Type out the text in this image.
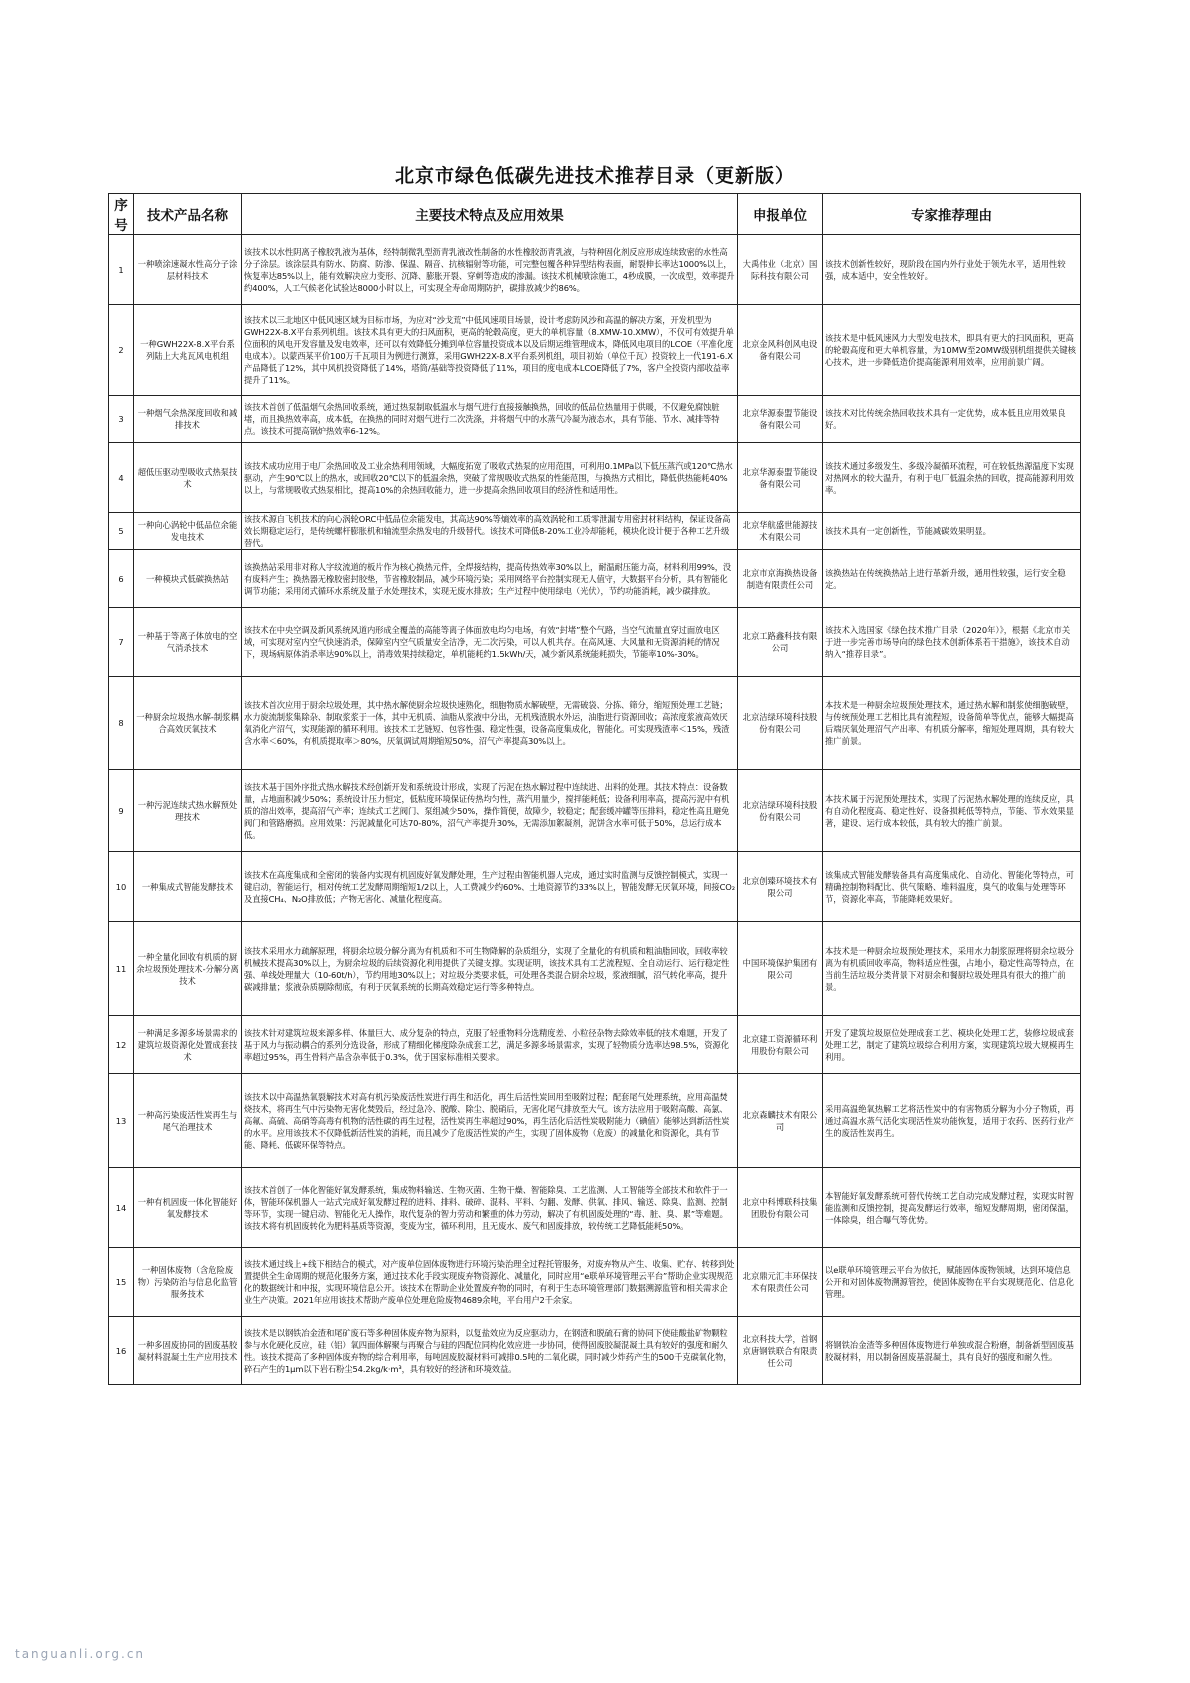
北京市绿色低碳先进技术推荐目录（更新版）
序号	技术产品名称	主要技术特点及应用效果	申报单位	专家推荐理由
1	一种喷涂速凝水性高分子涂层材料技术	该技术以水性阴离子橡胶乳液为基体，经特制微乳型沥青乳液改性制备的水性橡胶沥青乳液，与特种固化剂反应形成连续致密的水性高分子涂层。该涂层具有防水、防腐、防渗、保温、隔音、抗核辐射等功能，可完整包覆各种异型结构表面，耐裂伸长率达1000%以上，恢复率达85%以上，能有效解决应力变形、沉降、膨胀开裂、穿刺等造成的渗漏。该技术机械喷涂施工，4秒成膜，一次成型，效率提升约400%，人工气候老化试验达8000小时以上，可实现全寿命周期防护，碳排放减少约86%。	大禹伟业（北京）国际科技有限公司	该技术创新性较好，现阶段在国内外行业处于领先水平，适用性较强，成本适中，安全性较好。
2	一种GWH22X-8.X平台系列陆上大兆瓦风电机组	该技术以三北地区中低风速区域为目标市场，为应对“沙戈荒”中低风速项目场景，设计考虑防风沙和高温的解决方案，开发机型为GWH22X-8.X平台系列机组。该技术具有更大的扫风面积，更高的轮毂高度，更大的单机容量（8.XMW-10.XMW），不仅可有效提升单位面积的风电开发容量及发电效率，还可以有效降低分摊到单位容量投资成本以及后期运维管理成本，降低风电项目的LCOE（平准化度电成本）。以蒙西某平价100万千瓦项目为例进行测算，采用GWH22X-8.X平台系列机组，项目初始（单位千瓦）投资较上一代191-6.X产品降低了12%，其中风机投资降低了14%，塔筒/基础等投资降低了11%，项目的度电成本LCOE降低了7%，客户全投资内部收益率提升了11%。	北京金风科创风电设备有限公司	该技术是中低风速风力大型发电技术，即具有更大的扫风面积，更高的轮毂高度和更大单机容量，为10MW至20MW级别机组提供关键核心技术，进一步降低造价提高能源利用效率，应用前景广阔。
3	一种烟气余热深度回收和减排技术	该技术首创了低温烟气余热回收系统，通过热泵制取低温水与烟气进行直接接触换热，回收的低品位热量用于供暖，不仅避免腐蚀脏堵，而且换热效率高，成本低，在换热的同时对烟气进行二次洗涤，并将烟气中的水蒸气冷凝为液态水，具有节能、节水、减排等特点。该技术可提高锅炉热效率6-12%。	北京华源泰盟节能设备有限公司	该技术对比传统余热回收技术具有一定优势，成本低且应用效果良好。
4	超低压驱动型吸收式热泵技术	该技术成功应用于电厂余热回收及工业余热利用领域，大幅度拓宽了吸收式热泵的应用范围，可利用0.1MPa以下低压蒸汽或120℃热水驱动，产生90℃以上的热水，或回收20℃以下的低温余热，突破了常规吸收式热泵的性能范围，与换热方式相比，降低供热能耗40%以上，与常规吸收式热泵相比，提高10%的余热回收能力，进一步提高余热回收项目的经济性和适用性。	北京华源泰盟节能设备有限公司	该技术通过多级发生、多级冷凝循环流程，可在较低热源温度下实现对热网水的较大温升，有利于电厂低温余热的回收，提高能源利用效率。
5	一种向心涡轮中低品位余能发电技术	该技术源自飞机技术的向心涡轮ORC中低品位余能发电，其高达90%等熵效率的高效涡轮和工质零泄漏专用密封材料结构，保证设备高效长期稳定运行，是传统螺杆膨胀机和轴流型余热发电的升级替代。该技术可降低8-20%工业冷却能耗，模块化设计便于各种工艺升级替代。	北京华航盛世能源技术有限公司	该技术具有一定创新性，节能减碳效果明显。
6	一种模块式低碳换热站	该换热站采用非对称人字纹流道的板片作为核心换热元件，全焊接结构，提高传热效率30%以上，耐温耐压能力高，材料利用99%，没有废料产生；换热器无橡胶密封胶垫，节省橡胶制品，减少环境污染；采用网络平台控制实现无人值守，大数据平台分析，具有智能化调节功能；采用闭式循环水系统及量子水处理技术，实现无废水排放；生产过程中使用绿电（光伏），节约功能消耗，减少碳排放。	北京市京海换热设备制造有限责任公司	该换热站在传统换热站上进行革新升级，通用性较强，运行安全稳定。
7	一种基于等离子体放电的空气消杀技术	该技术在中央空调及新风系统风道内形成全覆盖的高能等离子体面放电均匀电场，有效“封堵”整个气路，当空气流量直穿过面放电区域，可实现对室内空气快速消杀，保障室内空气质量安全洁净，无二次污染，可以人机共存。在高风速、大风量和无资源消耗的情况下，现场病原体消杀率达90%以上，消毒效果持续稳定，单机能耗约1.5kWh/天，减少新风系统能耗损失，节能率10%-30%。	北京工路鑫科技有限公司	该技术入选国家《绿色技术推广目录（2020年）》，根据《北京市关于进一步完善市场导向的绿色技术创新体系若干措施》，该技术自动纳入“推荐目录”。
8	一种厨余垃圾热水解-制浆耦合高效厌氧技术	该技术首次应用于厨余垃圾处理，其中热水解使厨余垃圾快速熟化，细胞物质水解破壁，无需破袋、分拣、筛分，缩短预处理工艺链；水力旋流制浆集除杂、制取浆浆于一体，其中无机质、油脂从浆液中分出，无机残渣脱水外运，油脂进行资源回收；高浓度浆液高效厌氧消化产沼气，实现能源的循环利用。该技术工艺链短、包容性强、稳定性强，设备高度集成化，智能化。可实现残渣率＜15%，残渣含水率＜60%，有机质提取率＞80%，厌氧调试周期缩短50%，沼气产率提高30%以上。	北京洁绿环境科技股份有限公司	本技术是一种厨余垃圾预处理技术，通过热水解和制浆使细胞破壁，与传统预处理工艺相比具有流程短，设备简单等优点，能够大幅提高后端厌氧处理沼气产出率、有机质分解率，缩短处理周期，具有较大推广前景。
9	一种污泥连续式热水解预处理技术	该技术基于国外序批式热水解技术经创新开发和系统设计形成，实现了污泥在热水解过程中连续进、出料的处理。其技术特点：设备数量，占地面积减少50%；系统设计压力恒定，低粘度环境保证传热均匀性，蒸汽用量少，搅拌能耗低；设备利用率高，提高污泥中有机质的溶出效率，提高沼气产率；连续式工艺阀门、泵组减少50%，操作简便，故障少，较稳定；配套缓冲罐等压排料，稳定性高且避免阀门和管路磨损。应用效果：污泥减量化可达70-80%，沼气产率提升30%，无需添加絮凝剂，泥饼含水率可低于50%，总运行成本低。	北京洁绿环境科技股份有限公司	本技术属于污泥预处理技术，实现了污泥热水解处理的连续反应，具有自动化程度高、稳定性好、设备损耗低等特点，节能、节水效果显著，建设、运行成本较低，具有较大的推广前景。
10	一种集成式智能发酵技术	该技术在高度集成和全密闭的装备内实现有机固废好氧发酵处理，生产过程由智能机器人完成，通过实时监测与反馈控制模式，实现一键启动，智能运行，相对传统工艺发酵周期缩短1/2以上，人工费减少约60%、土地资源节约33%以上，智能发酵无厌氧环境，间接CO₂及直接CH₄、N₂O排放低；产物无害化、减量化程度高。	北京创臻环境技术有限公司	该集成式智能发酵装备具有高度集成化、自动化、智能化等特点，可精确控制物料配比、供气策略、堆料温度，臭气的收集与处理等环节，资源化率高，节能降耗效果好。
11	一种全量化回收有机质的厨余垃圾预处理技术-分解分离技术	该技术采用水力疏解原理，将厨余垃圾分解分离为有机质和不可生物降解的杂质组分，实现了全量化的有机质和粗油脂回收，回收率较机械技术提高30%以上，为厨余垃圾的后续资源化利用提供了关键支撑。实现证明，该技术具有工艺流程短、全自动运行、运行稳定性强、单线处理量大（10-60t/h），节约用地30%以上；对垃圾分类要求低，可处理各类混合厨余垃圾，浆液细腻，沼气转化率高，提升碳减排量；浆液杂质剔除彻底，有利于厌氧系统的长期高效稳定运行等多种特点。	中国环境保护集团有限公司	本技术是一种厨余垃圾预处理技术，采用水力制浆原理将厨余垃圾分离为有机质回收率高，物料适应性强，占地小，稳定性高等特点，在当前生活垃圾分类背景下对厨余和餐厨垃圾处理具有很大的推广前景。
12	一种满足多源多场景需求的建筑垃圾资源化处置成套技术	该技术针对建筑垃圾来源多样、体量巨大、成分复杂的特点，克服了轻重物料分选精度差、小粒径杂物去除效率低的技术难题，开发了基于风力与振动耦合的系列分选设备，形成了精细化梯度除杂成套工艺，满足多源多场景需求，实现了轻物质分选率达98.5%，资源化率超过95%，再生骨料产品含杂率低于0.3%，优于国家标准相关要求。	北京建工资源循环利用股份有限公司	开发了建筑垃圾原位处理成套工艺、模块化处理工艺，装修垃圾成套处理工艺，制定了建筑垃圾综合利用方案，实现建筑垃圾大规模再生利用。
13	一种高污染废活性炭再生与尾气治理技术	该技术以中高温热氧裂解技术对高有机污染废活性炭进行再生和活化，再生后活性炭回用至吸附过程；配套尾气处理系统，应用高温焚烧技术，将再生气中污染物无害化焚毁后，经过急冷、脱酸、除尘、脱硝后，无害化尾气排放至大气。该方法应用于吸附高酸、高氯、高氟、高硫、高硝等高毒有机物的活性碳的再生过程，活性炭再生率超过90%，再生活化后活性炭吸附能力（碘值）能够达到新活性炭的水平。应用该技术不仅降低新活性炭的消耗，而且减少了危废活性炭的产生，实现了固体废物（危废）的减量化和资源化，具有节能、降耗、低碳环保等特点。	北京森麟技术有限公司	采用高温绝氧热解工艺将活性炭中的有害物质分解为小分子物质，再通过高温水蒸气活化实现活性炭功能恢复，适用于农药、医药行业产生的废活性炭再生。
14	一种有机固废一体化智能好氧发酵技术	该技术首创了一体化智能好氧发酵系统，集成物料输送、生物灭菌、生物干燥、智能除臭、工艺监测、人工智能等全部技术和软件于一体，智能环保机器人一站式完成好氧发酵过程的进料、排料、破碎、混料、平料、匀翻、发酵、供氧、排风、输送、除臭、监测、控制等环节，实现一键启动、智能化无人操作，取代复杂的智力劳动和繁重的体力劳动，解决了有机固废处理的“毒、脏、臭、累”等难题。该技术将有机固废转化为肥料基质等资源，变废为宝，循环利用，且无废水、废气和固废排放，较传统工艺降低能耗50%。	北京中科博联科技集团股份有限公司	本智能好氧发酵系统可替代传统工艺自动完成发酵过程，实现实时智能监测和反馈控制，提高发酵运行效率，缩短发酵周期，密闭保温，一体除臭，组合曝气等优势。
15	一种固体废物（含危险废物）污染防治与信息化监管服务技术	该技术通过线上+线下相结合的模式，对产废单位固体废物进行环境污染治理全过程托管服务，对废弃物从产生、收集、贮存、转移到处置提供全生命周期的规范化服务方案，通过技术化手段实现废弃物资源化、减量化，同时应用“e联单环境管理云平台”帮助企业实现规范化的数据统计和申报，实现环境信息公开。该技术在帮助企业处置废弃物的同时，有利于生态环境管理部门数据溯源监管和相关需求企业生产决策。2021年应用该技术帮助产废单位处理危险废物4689余吨，平台用户2千余家。	北京鼎元汇丰环保技术有限责任公司	以e联单环境管理云平台为依托，赋能固体废物领域，达到环境信息公开和对固体废物溯源管控，使固体废物在平台实现规范化、信息化管理。
16	一种多固废协同的固废基胶凝材料混凝土生产应用技术	该技术是以钢铁冶金渣和尾矿废石等多种固体废弃物为原料，以复盐效应为反应驱动力，在钢渣和脱硫石膏的协同下使硅酸盐矿物颗粒参与水化硬化反应，硅（铝）氧四面体解聚与再聚合与硅的四配位同构化效应进一步协同，使得固废胶凝混凝土具有较好的强度和耐久性。该技术提高了多种固体废弃物的综合利用率，每吨固废胶凝材料可减排0.5吨的二氧化碳，同时减少炸药产生的500千克碳氧化物，碎石产生的1μm以下岩石粉尘54.2kg/k·m³，具有较好的经济和环境效益。	北京科技大学，首钢京唐钢铁联合有限责任公司	将钢铁冶金渣等多种固体废物进行单独或混合粉磨，制备新型固废基胶凝材料，用以制备固废基混凝土，具有良好的强度和耐久性。
tanguanli.org.cn
